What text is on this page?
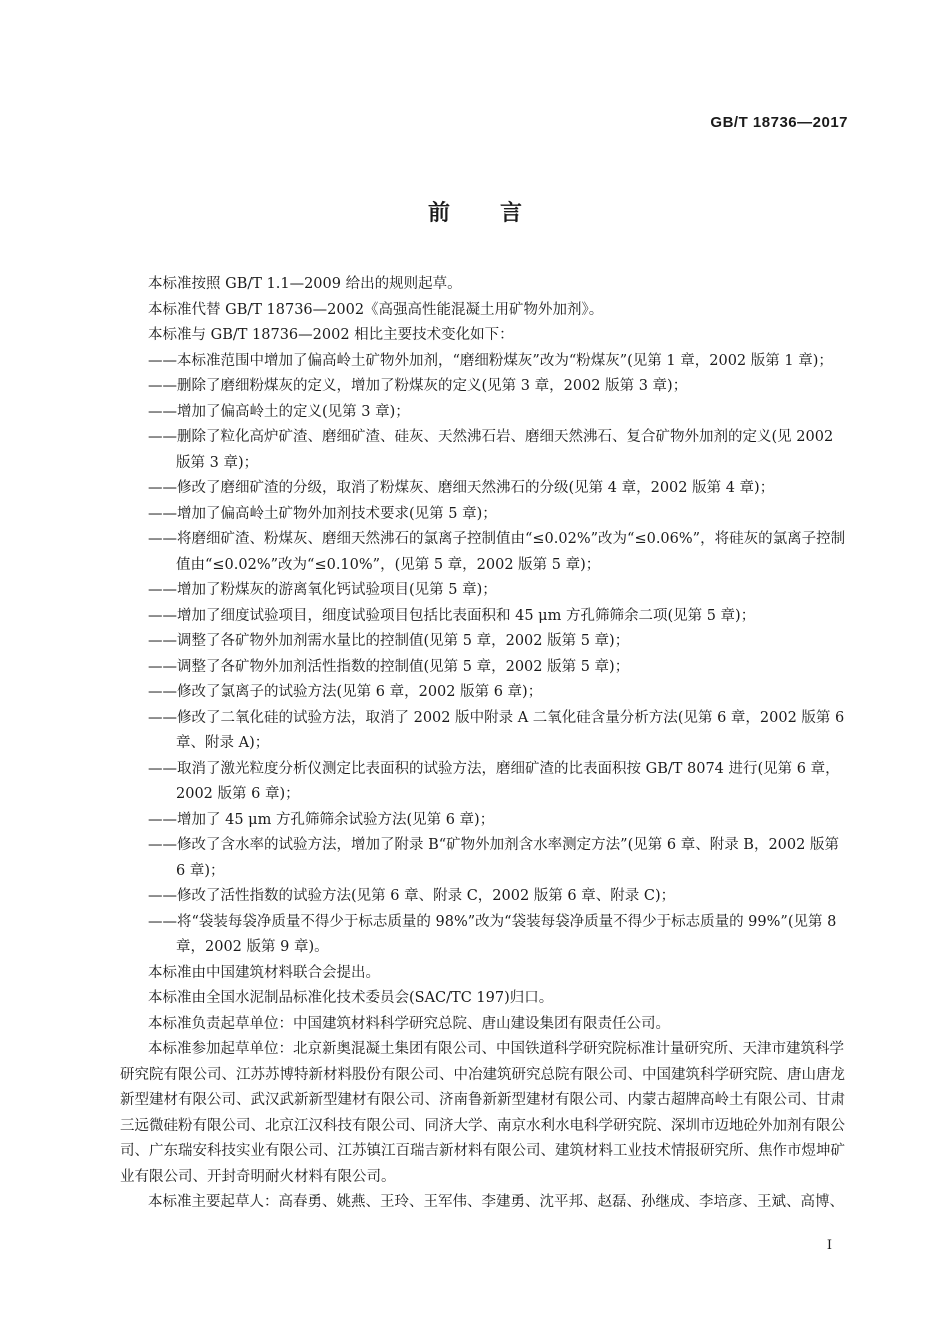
GB/T 18736—2017
前言

本标准按照 GB/T 1.1—2009 给出的规则起草。

本标准代替 GB/T 18736—2002《高强高性能混凝土用矿物外加剂》。

本标准与 GB/T 18736—2002 相比主要技术变化如下：

——本标准范围中增加了偏高岭土矿物外加剂，“磨细粉煤灰”改为“粉煤灰”(见第 1 章，2002 版第 1 章)；

——删除了磨细粉煤灰的定义，增加了粉煤灰的定义(见第 3 章，2002 版第 3 章)；

——增加了偏高岭土的定义(见第 3 章)；

——删除了粒化高炉矿渣、磨细矿渣、硅灰、天然沸石岩、磨细天然沸石、复合矿物外加剂的定义(见 2002 版第 3 章)；

——修改了磨细矿渣的分级，取消了粉煤灰、磨细天然沸石的分级(见第 4 章，2002 版第 4 章)；

——增加了偏高岭土矿物外加剂技术要求(见第 5 章)；

——将磨细矿渣、粉煤灰、磨细天然沸石的氯离子控制值由“≤0.02%”改为“≤0.06%”，将硅灰的氯离子控制值由“≤0.02%”改为“≤0.10%”，(见第 5 章，2002 版第 5 章)；

——增加了粉煤灰的游离氧化钙试验项目(见第 5 章)；

——增加了细度试验项目，细度试验项目包括比表面积和 45 μm 方孔筛筛余二项(见第 5 章)；

——调整了各矿物外加剂需水量比的控制值(见第 5 章，2002 版第 5 章)；

——调整了各矿物外加剂活性指数的控制值(见第 5 章，2002 版第 5 章)；

——修改了氯离子的试验方法(见第 6 章，2002 版第 6 章)；

——修改了二氧化硅的试验方法，取消了 2002 版中附录 A 二氧化硅含量分析方法(见第 6 章，2002 版第 6 章、附录 A)；

——取消了激光粒度分析仪测定比表面积的试验方法，磨细矿渣的比表面积按 GB/T 8074 进行(见第 6 章，2002 版第 6 章)；

——增加了 45 μm 方孔筛筛余试验方法(见第 6 章)；

——修改了含水率的试验方法，增加了附录 B“矿物外加剂含水率测定方法”(见第 6 章、附录 B，2002 版第 6 章)；

——修改了活性指数的试验方法(见第 6 章、附录 C，2002 版第 6 章、附录 C)；

——将“袋装每袋净质量不得少于标志质量的 98%”改为“袋装每袋净质量不得少于标志质量的 99%”(见第 8 章，2002 版第 9 章)。

本标准由中国建筑材料联合会提出。

本标准由全国水泥制品标准化技术委员会(SAC/TC 197)归口。

本标准负责起草单位：中国建筑材料科学研究总院、唐山建设集团有限责任公司。

本标准参加起草单位：北京新奥混凝土集团有限公司、中国铁道科学研究院标准计量研究所、天津市建筑科学研究院有限公司、江苏苏博特新材料股份有限公司、中冶建筑研究总院有限公司、中国建筑科学研究院、唐山唐龙新型建材有限公司、武汉武新新型建材有限公司、济南鲁新新型建材有限公司、内蒙古超牌高岭土有限公司、甘肃三远微硅粉有限公司、北京江汉科技有限公司、同济大学、南京水利水电科学研究院、深圳市迈地砼外加剂有限公司、广东瑞安科技实业有限公司、江苏镇江百瑞吉新材料有限公司、建筑材料工业技术情报研究所、焦作市煜坤矿业有限公司、开封奇明耐火材料有限公司。

本标准主要起草人：高春勇、姚燕、王玲、王军伟、李建勇、沈平邦、赵磊、孙继成、李培彦、王斌、高博、

I
